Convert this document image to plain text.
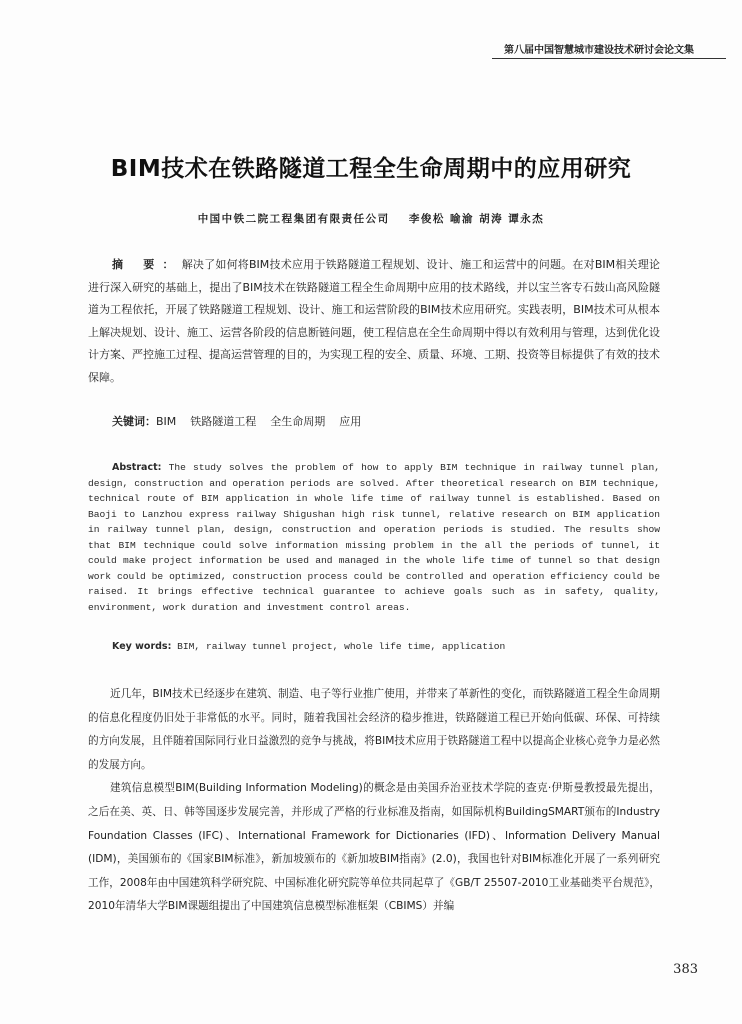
第八届中国智慧城市建设技术研讨会论文集
BIM技术在铁路隧道工程全生命周期中的应用研究
中国中铁二院工程集团有限责任公司 李俊松 喻渝 胡涛 谭永杰
摘 要：解决了如何将BIM技术应用于铁路隧道工程规划、设计、施工和运营中的问题。在对BIM相关理论进行深入研究的基础上，提出了BIM技术在铁路隧道工程全生命周期中应用的技术路线，并以宝兰客专石鼓山高风险隧道为工程依托，开展了铁路隧道工程规划、设计、施工和运营阶段的BIM技术应用研究。实践表明，BIM技术可从根本上解决规划、设计、施工、运营各阶段的信息断链问题，使工程信息在全生命周期中得以有效利用与管理，达到优化设计方案、严控施工过程、提高运营管理的目的，为实现工程的安全、质量、环境、工期、投资等目标提供了有效的技术保障。
关键词：BIM 铁路隧道工程 全生命周期 应用
Abstract: The study solves the problem of how to apply BIM technique in railway tunnel plan, design, construction and operation periods are solved. After theoretical research on BIM technique, technical route of BIM application in whole life time of railway tunnel is established. Based on Baoji to Lanzhou express railway Shigushan high risk tunnel, relative research on BIM application in railway tunnel plan, design, construction and operation periods is studied. The results show that BIM technique could solve information missing problem in the all the periods of tunnel, it could make project information be used and managed in the whole life time of tunnel so that design work could be optimized, construction process could be controlled and operation efficiency could be raised. It brings effective technical guarantee to achieve goals such as in safety, quality, environment, work duration and investment control areas.
Key words: BIM, railway tunnel project, whole life time, application

近几年，BIM技术已经逐步在建筑、制造、电子等行业推广使用，并带来了革新性的变化，而铁路隧道工程全生命周期的信息化程度仍旧处于非常低的水平。同时，随着我国社会经济的稳步推进，铁路隧道工程已开始向低碳、环保、可持续的方向发展，且伴随着国际同行业日益激烈的竞争与挑战，将BIM技术应用于铁路隧道工程中以提高企业核心竞争力是必然的发展方向。

建筑信息模型BIM(Building Information Modeling)的概念是由美国乔治亚技术学院的查克·伊斯曼教授最先提出，之后在美、英、日、韩等国逐步发展完善，并形成了严格的行业标准及指南，如国际机构BuildingSMART颁布的Industry Foundation Classes (IFC)、International Framework for Dictionaries (IFD)、Information Delivery Manual (IDM)，美国颁布的《国家BIM标准》，新加坡颁布的《新加坡BIM指南》(2.0)，我国也针对BIM标准化开展了一系列研究工作，2008年由中国建筑科学研究院、中国标准化研究院等单位共同起草了《GB/T 25507-2010工业基础类平台规范》，2010年清华大学BIM课题组提出了中国建筑信息模型标准框架（CBIMS）并编

383
